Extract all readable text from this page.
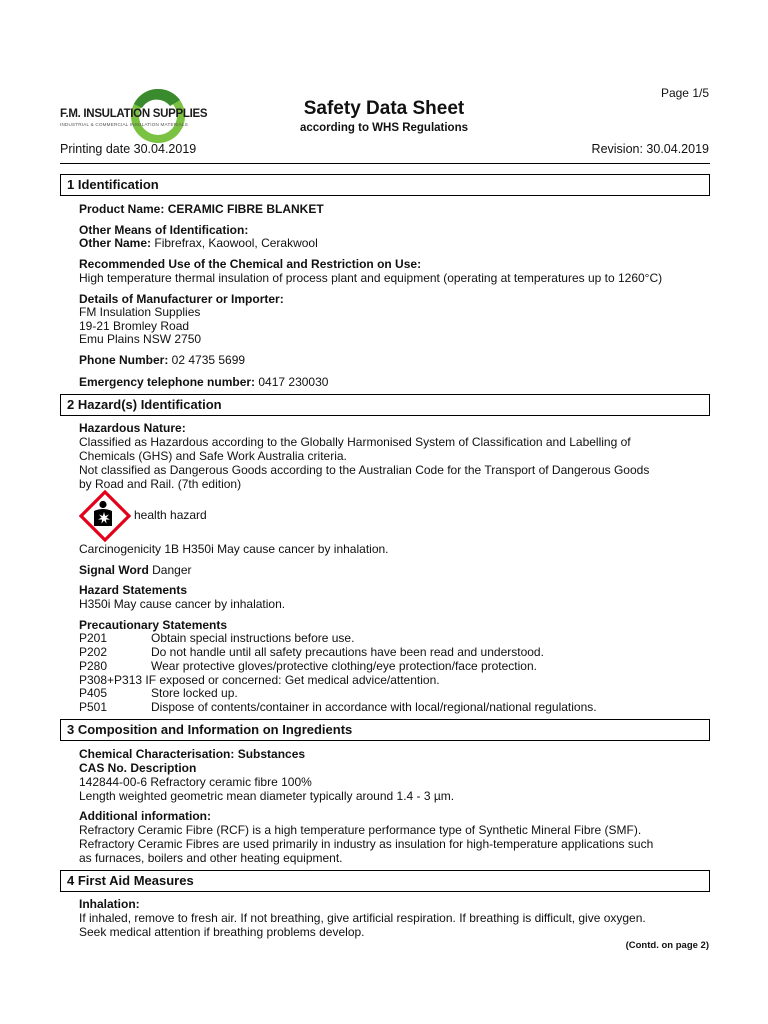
F.M. INSULATION SUPPLIES
INDUSTRIAL & COMMERCIAL INSULATION MATERIALS
Page 1/5
Safety Data Sheet
according to WHS Regulations
Printing date 30.04.2019	Revision: 30.04.2019
1 Identification
Product Name: CERAMIC FIBRE BLANKET
Other Means of Identification:
Other Name: Fibrefrax, Kaowool, Cerakwool
Recommended Use of the Chemical and Restriction on Use:
High temperature thermal insulation of process plant and equipment (operating at temperatures up to 1260°C)
Details of Manufacturer or Importer:
FM Insulation Supplies
19-21 Bromley Road
Emu Plains NSW 2750
Phone Number: 02 4735 5699
Emergency telephone number: 0417 230030
2 Hazard(s) Identification
Hazardous Nature:
Classified as Hazardous according to the Globally Harmonised System of Classification and Labelling of
Chemicals (GHS) and Safe Work Australia criteria.
Not classified as Dangerous Goods according to the Australian Code for the Transport of Dangerous Goods
by Road and Rail. (7th edition)
health hazard
Carcinogenicity 1B H350i May cause cancer by inhalation.
Signal Word Danger
Hazard Statements
H350i May cause cancer by inhalation.
Precautionary Statements
P201	Obtain special instructions before use.
P202	Do not handle until all safety precautions have been read and understood.
P280	Wear protective gloves/protective clothing/eye protection/face protection.
P308+P313 IF exposed or concerned: Get medical advice/attention.
P405	Store locked up.
P501	Dispose of contents/container in accordance with local/regional/national regulations.
3 Composition and Information on Ingredients
Chemical Characterisation: Substances
CAS No. Description
142844-00-6 Refractory ceramic fibre 100%
Length weighted geometric mean diameter typically around 1.4 - 3 µm.
Additional information:
Refractory Ceramic Fibre (RCF) is a high temperature performance type of Synthetic Mineral Fibre (SMF).
Refractory Ceramic Fibres are used primarily in industry as insulation for high-temperature applications such
as furnaces, boilers and other heating equipment.
4 First Aid Measures
Inhalation:
If inhaled, remove to fresh air. If not breathing, give artificial respiration. If breathing is difficult, give oxygen.
Seek medical attention if breathing problems develop.
(Contd. on page 2)
